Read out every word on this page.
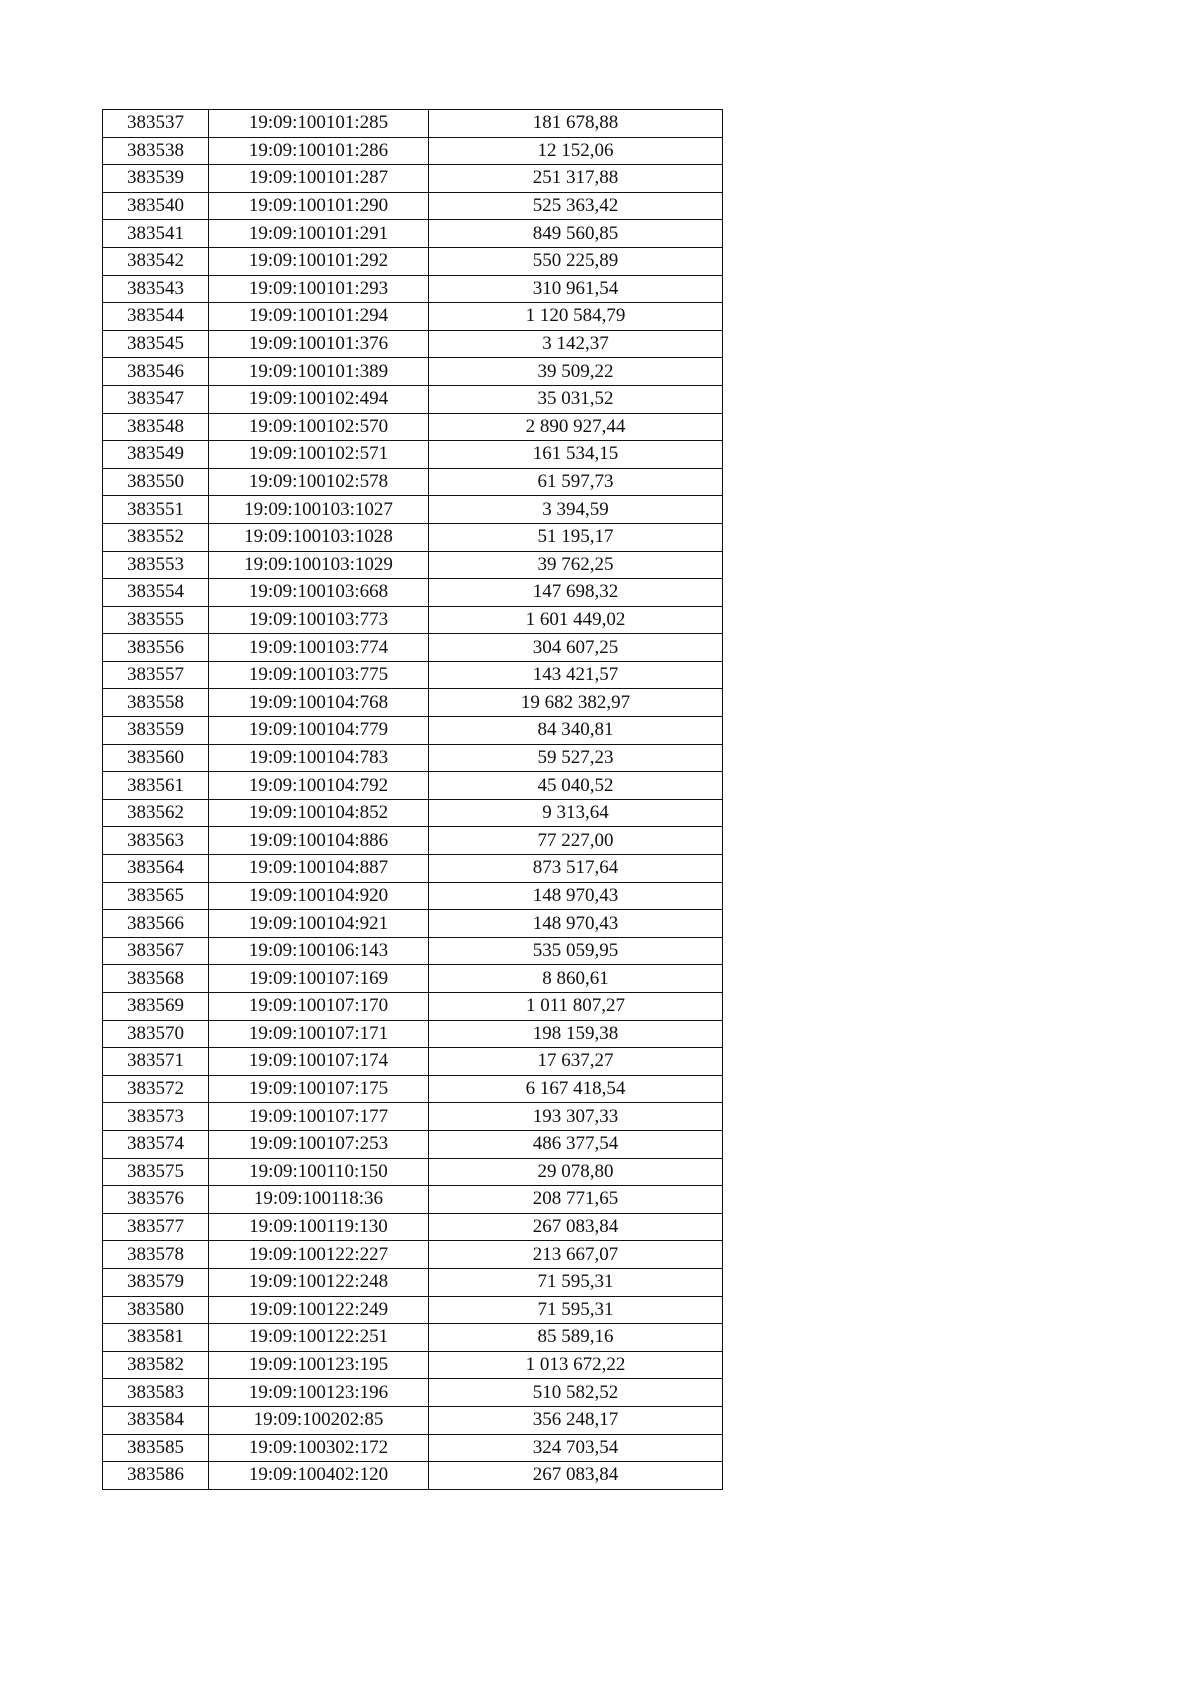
383537	19:09:100101:285	181 678,88
383538	19:09:100101:286	12 152,06
383539	19:09:100101:287	251 317,88
383540	19:09:100101:290	525 363,42
383541	19:09:100101:291	849 560,85
383542	19:09:100101:292	550 225,89
383543	19:09:100101:293	310 961,54
383544	19:09:100101:294	1 120 584,79
383545	19:09:100101:376	3 142,37
383546	19:09:100101:389	39 509,22
383547	19:09:100102:494	35 031,52
383548	19:09:100102:570	2 890 927,44
383549	19:09:100102:571	161 534,15
383550	19:09:100102:578	61 597,73
383551	19:09:100103:1027	3 394,59
383552	19:09:100103:1028	51 195,17
383553	19:09:100103:1029	39 762,25
383554	19:09:100103:668	147 698,32
383555	19:09:100103:773	1 601 449,02
383556	19:09:100103:774	304 607,25
383557	19:09:100103:775	143 421,57
383558	19:09:100104:768	19 682 382,97
383559	19:09:100104:779	84 340,81
383560	19:09:100104:783	59 527,23
383561	19:09:100104:792	45 040,52
383562	19:09:100104:852	9 313,64
383563	19:09:100104:886	77 227,00
383564	19:09:100104:887	873 517,64
383565	19:09:100104:920	148 970,43
383566	19:09:100104:921	148 970,43
383567	19:09:100106:143	535 059,95
383568	19:09:100107:169	8 860,61
383569	19:09:100107:170	1 011 807,27
383570	19:09:100107:171	198 159,38
383571	19:09:100107:174	17 637,27
383572	19:09:100107:175	6 167 418,54
383573	19:09:100107:177	193 307,33
383574	19:09:100107:253	486 377,54
383575	19:09:100110:150	29 078,80
383576	19:09:100118:36	208 771,65
383577	19:09:100119:130	267 083,84
383578	19:09:100122:227	213 667,07
383579	19:09:100122:248	71 595,31
383580	19:09:100122:249	71 595,31
383581	19:09:100122:251	85 589,16
383582	19:09:100123:195	1 013 672,22
383583	19:09:100123:196	510 582,52
383584	19:09:100202:85	356 248,17
383585	19:09:100302:172	324 703,54
383586	19:09:100402:120	267 083,84
